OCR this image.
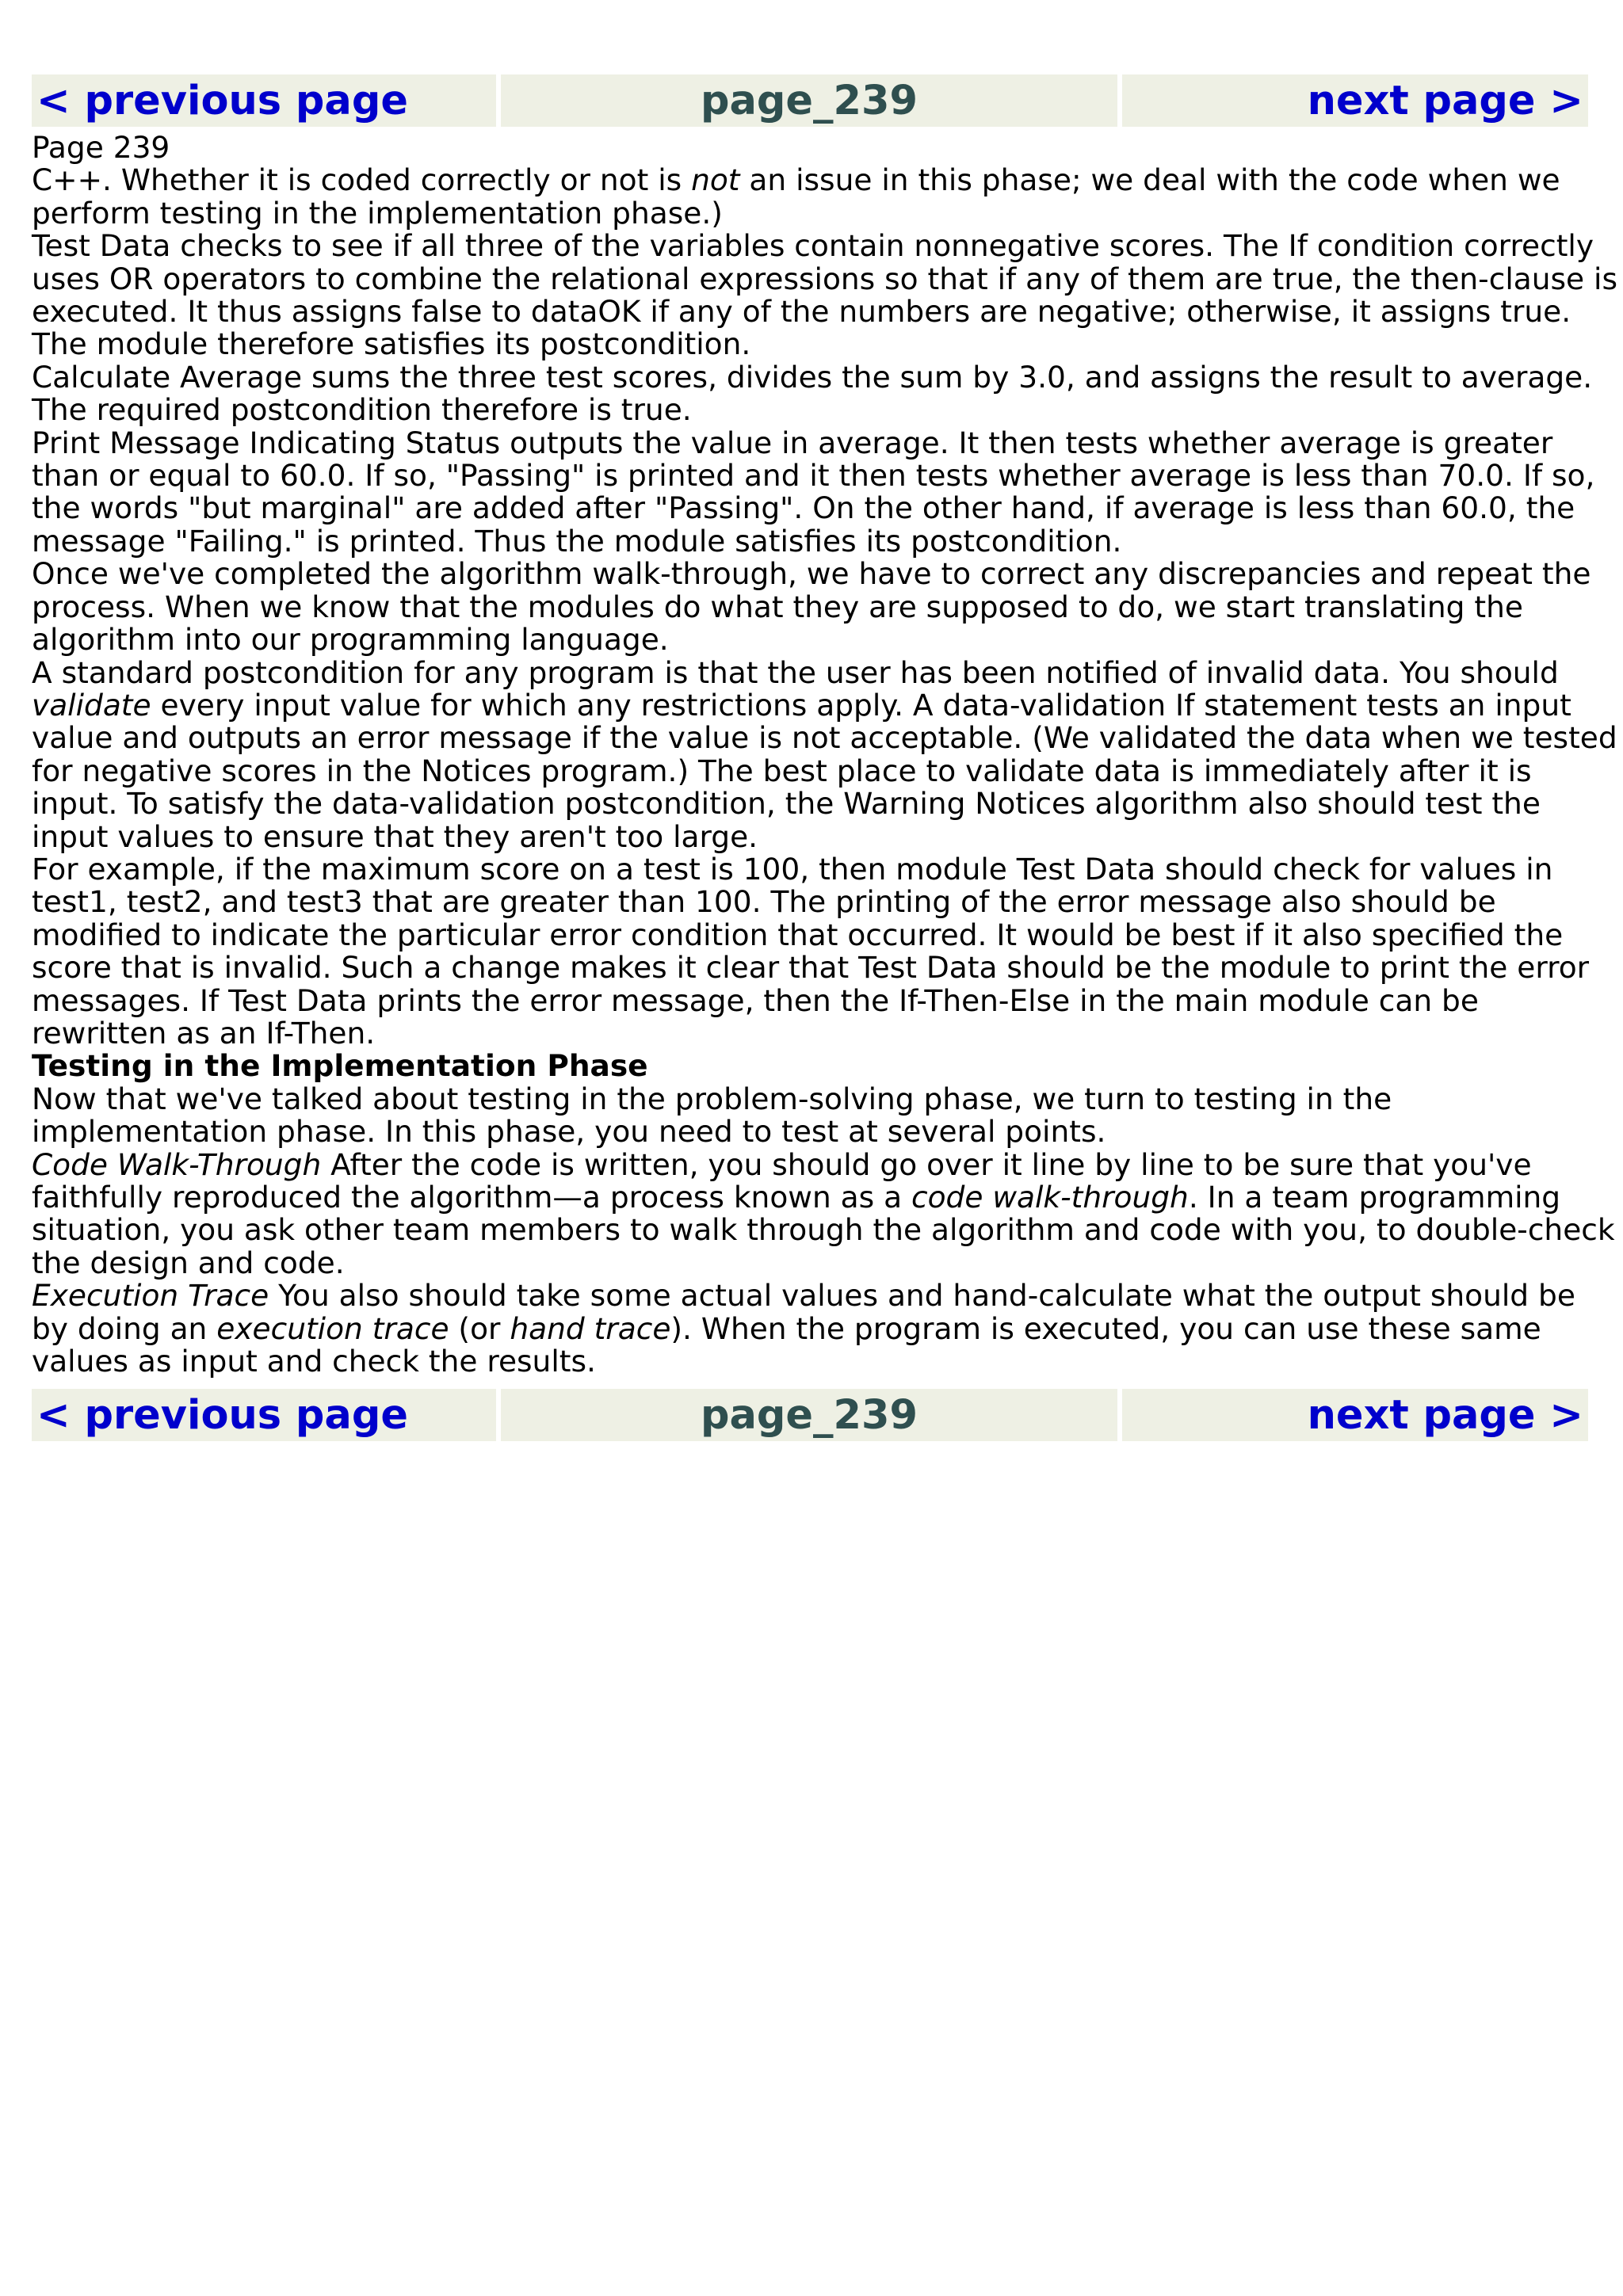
< previous page	page_239	next page >

Page 239

C++. Whether it is coded correctly or not is not an issue in this phase; we deal with the code when we

perform testing in the implementation phase.)

Test Data checks to see if all three of the variables contain nonnegative scores. The If condition correctly

uses OR operators to combine the relational expressions so that if any of them are true, the then-clause is

executed. It thus assigns false to dataOK if any of the numbers are negative; otherwise, it assigns true.

The module therefore satisfies its postcondition.

Calculate Average sums the three test scores, divides the sum by 3.0, and assigns the result to average.

The required postcondition therefore is true.

Print Message Indicating Status outputs the value in average. It then tests whether average is greater

than or equal to 60.0. If so, "Passing" is printed and it then tests whether average is less than 70.0. If so,

the words "but marginal" are added after "Passing". On the other hand, if average is less than 60.0, the

message "Failing." is printed. Thus the module satisfies its postcondition.

Once we've completed the algorithm walk-through, we have to correct any discrepancies and repeat the

process. When we know that the modules do what they are supposed to do, we start translating the

algorithm into our programming language.

A standard postcondition for any program is that the user has been notified of invalid data. You should

validate every input value for which any restrictions apply. A data-validation If statement tests an input

value and outputs an error message if the value is not acceptable. (We validated the data when we tested

for negative scores in the Notices program.) The best place to validate data is immediately after it is

input. To satisfy the data-validation postcondition, the Warning Notices algorithm also should test the

input values to ensure that they aren't too large.

For example, if the maximum score on a test is 100, then module Test Data should check for values in

test1, test2, and test3 that are greater than 100. The printing of the error message also should be

modified to indicate the particular error condition that occurred. It would be best if it also specified the

score that is invalid. Such a change makes it clear that Test Data should be the module to print the error

messages. If Test Data prints the error message, then the If-Then-Else in the main module can be

rewritten as an If-Then.

Testing in the Implementation Phase

Now that we've talked about testing in the problem-solving phase, we turn to testing in the

implementation phase. In this phase, you need to test at several points.

Code Walk-Through After the code is written, you should go over it line by line to be sure that you've

faithfully reproduced the algorithm—a process known as a code walk-through. In a team programming

situation, you ask other team members to walk through the algorithm and code with you, to double-check

the design and code.

Execution Trace You also should take some actual values and hand-calculate what the output should be

by doing an execution trace (or hand trace). When the program is executed, you can use these same

values as input and check the results.

< previous page	page_239	next page >
